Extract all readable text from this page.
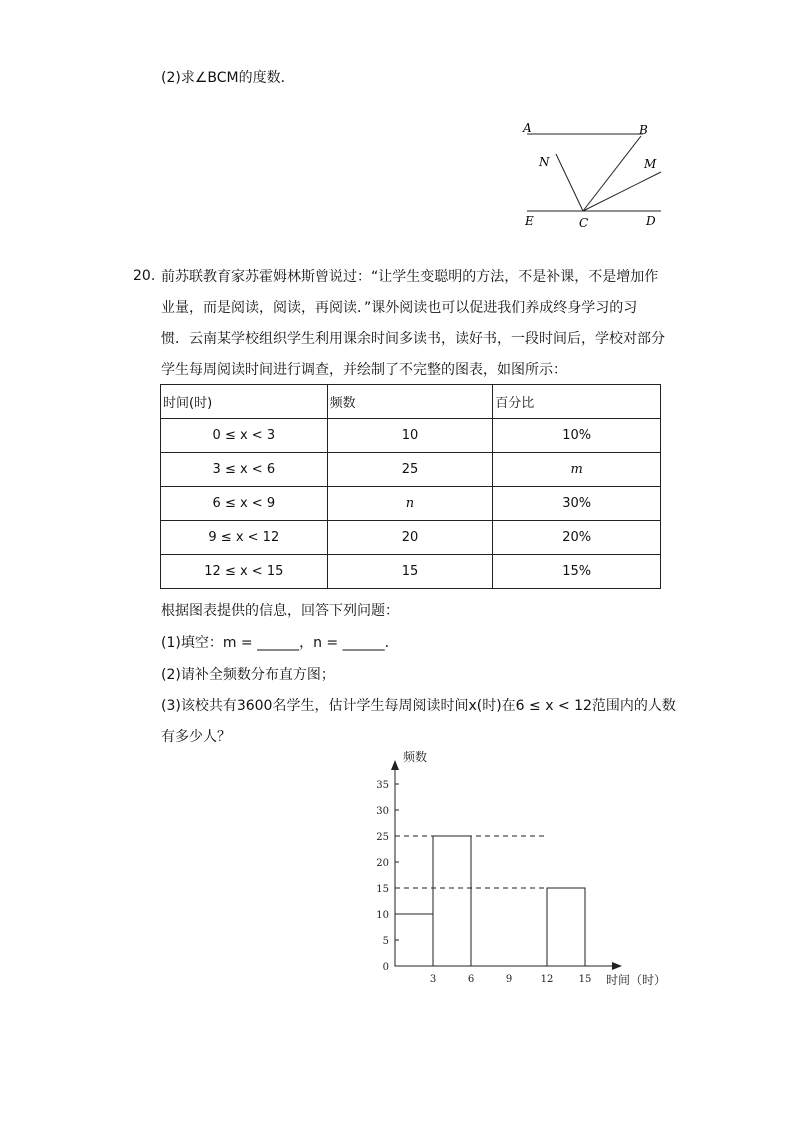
(2)求∠BCM的度数．
A	B
N	M
E	C	D
20. 前苏联教育家苏霍姆林斯曾说过：“让学生变聪明的方法，不是补课，不是增加作
业量，而是阅读，阅读，再阅读．”课外阅读也可以促进我们养成终身学习的习
惯．云南某学校组织学生利用课余时间多读书，读好书，一段时间后，学校对部分
学生每周阅读时间进行调查，并绘制了不完整的图表，如图所示：
时间(时)	频数	百分比
0 ≤ x < 3	10	10%
3 ≤ x < 6	25	m
6 ≤ x < 9	n	30%
9 ≤ x < 12	20	20%
12 ≤ x < 15	15	15%
根据图表提供的信息，回答下列问题：
(1)填空：m = ______，n = ______．
(2)请补全频数分布直方图；
(3)该校共有3600名学生，估计学生每周阅读时间x(时)在6 ≤ x < 12范围内的人数
有多少人？
0
5
10
15
20
25
30
35
3	6	9	12	15
频数
时间（时）
